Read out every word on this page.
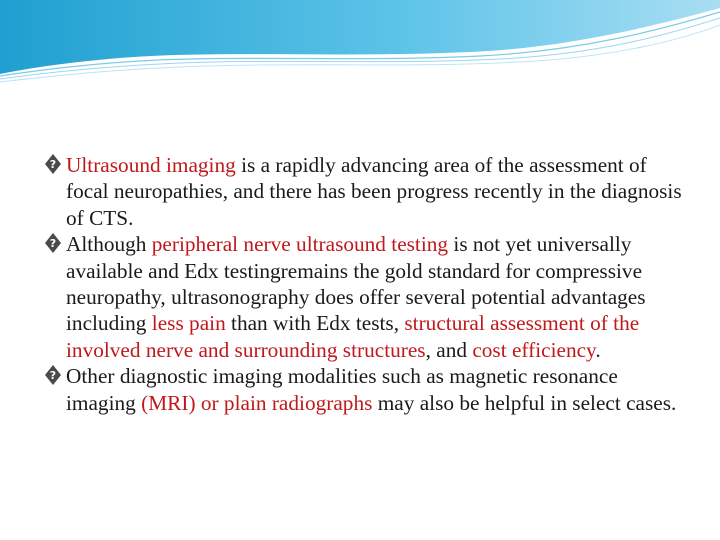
? Ultrasound imaging is a rapidly advancing area of the assessment of focal neuropathies, and there has been progress recently in the diagnosis of CTS.

? Although peripheral nerve ultrasound testing is not yet universally available and Edx testingremains the gold standard for compressive neuropathy, ultrasonography does offer several potential advantages including less pain than with Edx tests, structural assessment of the involved nerve and surrounding structures, and cost efficiency.

? Other diagnostic imaging modalities such as magnetic resonance imaging (MRI) or plain radiographs may also be helpful in select cases.
